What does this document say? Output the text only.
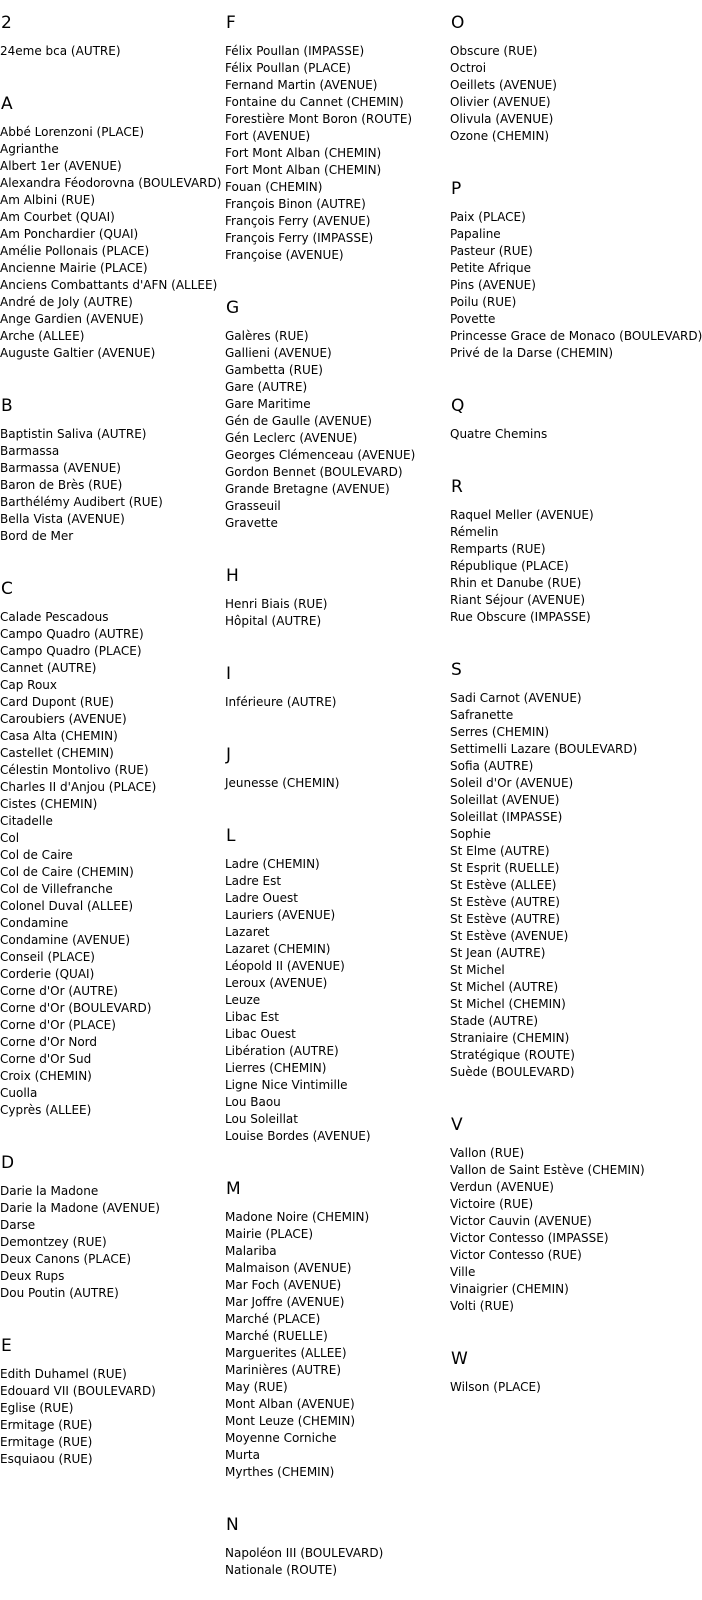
2
24eme bca (AUTRE)
A
Abbé Lorenzoni (PLACE)
Agrianthe
Albert 1er (AVENUE)
Alexandra Féodorovna (BOULEVARD)
Am Albini (RUE)
Am Courbet (QUAI)
Am Ponchardier (QUAI)
Amélie Pollonais (PLACE)
Ancienne Mairie (PLACE)
Anciens Combattants d'AFN (ALLEE)
André de Joly (AUTRE)
Ange Gardien (AVENUE)
Arche (ALLEE)
Auguste Galtier (AVENUE)
B
Baptistin Saliva (AUTRE)
Barmassa
Barmassa (AVENUE)
Baron de Brès (RUE)
Barthélémy Audibert (RUE)
Bella Vista (AVENUE)
Bord de Mer
C
Calade Pescadous
Campo Quadro (AUTRE)
Campo Quadro (PLACE)
Cannet (AUTRE)
Cap Roux
Card Dupont (RUE)
Caroubiers (AVENUE)
Casa Alta (CHEMIN)
Castellet (CHEMIN)
Célestin Montolivo (RUE)
Charles II d'Anjou (PLACE)
Cistes (CHEMIN)
Citadelle
Col
Col de Caire
Col de Caire (CHEMIN)
Col de Villefranche
Colonel Duval (ALLEE)
Condamine
Condamine (AVENUE)
Conseil (PLACE)
Corderie (QUAI)
Corne d'Or (AUTRE)
Corne d'Or (BOULEVARD)
Corne d'Or (PLACE)
Corne d'Or Nord
Corne d'Or Sud
Croix (CHEMIN)
Cuolla
Cyprès (ALLEE)
D
Darie la Madone
Darie la Madone (AVENUE)
Darse
Demontzey (RUE)
Deux Canons (PLACE)
Deux Rups
Dou Poutin (AUTRE)
E
Edith Duhamel (RUE)
Edouard VII (BOULEVARD)
Eglise (RUE)
Ermitage (RUE)
Ermitage (RUE)
Esquiaou (RUE)
F
Félix Poullan (IMPASSE)
Félix Poullan (PLACE)
Fernand Martin (AVENUE)
Fontaine du Cannet (CHEMIN)
Forestière Mont Boron (ROUTE)
Fort (AVENUE)
Fort Mont Alban (CHEMIN)
Fort Mont Alban (CHEMIN)
Fouan (CHEMIN)
François Binon (AUTRE)
François Ferry (AVENUE)
François Ferry (IMPASSE)
Françoise (AVENUE)
G
Galères (RUE)
Gallieni (AVENUE)
Gambetta (RUE)
Gare (AUTRE)
Gare Maritime
Gén de Gaulle (AVENUE)
Gén Leclerc (AVENUE)
Georges Clémenceau (AVENUE)
Gordon Bennet (BOULEVARD)
Grande Bretagne (AVENUE)
Grasseuil
Gravette
H
Henri Biais (RUE)
Hôpital (AUTRE)
I
Inférieure (AUTRE)
J
Jeunesse (CHEMIN)
L
Ladre (CHEMIN)
Ladre Est
Ladre Ouest
Lauriers (AVENUE)
Lazaret
Lazaret (CHEMIN)
Léopold II (AVENUE)
Leroux (AVENUE)
Leuze
Libac Est
Libac Ouest
Libération (AUTRE)
Lierres (CHEMIN)
Ligne Nice Vintimille
Lou Baou
Lou Soleillat
Louise Bordes (AVENUE)
M
Madone Noire (CHEMIN)
Mairie (PLACE)
Malariba
Malmaison (AVENUE)
Mar Foch (AVENUE)
Mar Joffre (AVENUE)
Marché (PLACE)
Marché (RUELLE)
Marguerites (ALLEE)
Marinières (AUTRE)
May (RUE)
Mont Alban (AVENUE)
Mont Leuze (CHEMIN)
Moyenne Corniche
Murta
Myrthes (CHEMIN)
N
Napoléon III (BOULEVARD)
Nationale (ROUTE)
O
Obscure (RUE)
Octroi
Oeillets (AVENUE)
Olivier (AVENUE)
Olivula (AVENUE)
Ozone (CHEMIN)
P
Paix (PLACE)
Papaline
Pasteur (RUE)
Petite Afrique
Pins (AVENUE)
Poilu (RUE)
Povette
Princesse Grace de Monaco (BOULEVARD)
Privé de la Darse (CHEMIN)
Q
Quatre Chemins
R
Raquel Meller (AVENUE)
Rémelin
Remparts (RUE)
République (PLACE)
Rhin et Danube (RUE)
Riant Séjour (AVENUE)
Rue Obscure (IMPASSE)
S
Sadi Carnot (AVENUE)
Safranette
Serres (CHEMIN)
Settimelli Lazare (BOULEVARD)
Sofia (AUTRE)
Soleil d'Or (AVENUE)
Soleillat (AVENUE)
Soleillat (IMPASSE)
Sophie
St Elme (AUTRE)
St Esprit (RUELLE)
St Estève (ALLEE)
St Estève (AUTRE)
St Estève (AUTRE)
St Estève (AVENUE)
St Jean (AUTRE)
St Michel
St Michel (AUTRE)
St Michel (CHEMIN)
Stade (AUTRE)
Straniaire (CHEMIN)
Stratégique (ROUTE)
Suède (BOULEVARD)
V
Vallon (RUE)
Vallon de Saint Estève (CHEMIN)
Verdun (AVENUE)
Victoire (RUE)
Victor Cauvin (AVENUE)
Victor Contesso (IMPASSE)
Victor Contesso (RUE)
Ville
Vinaigrier (CHEMIN)
Volti (RUE)
W
Wilson (PLACE)
